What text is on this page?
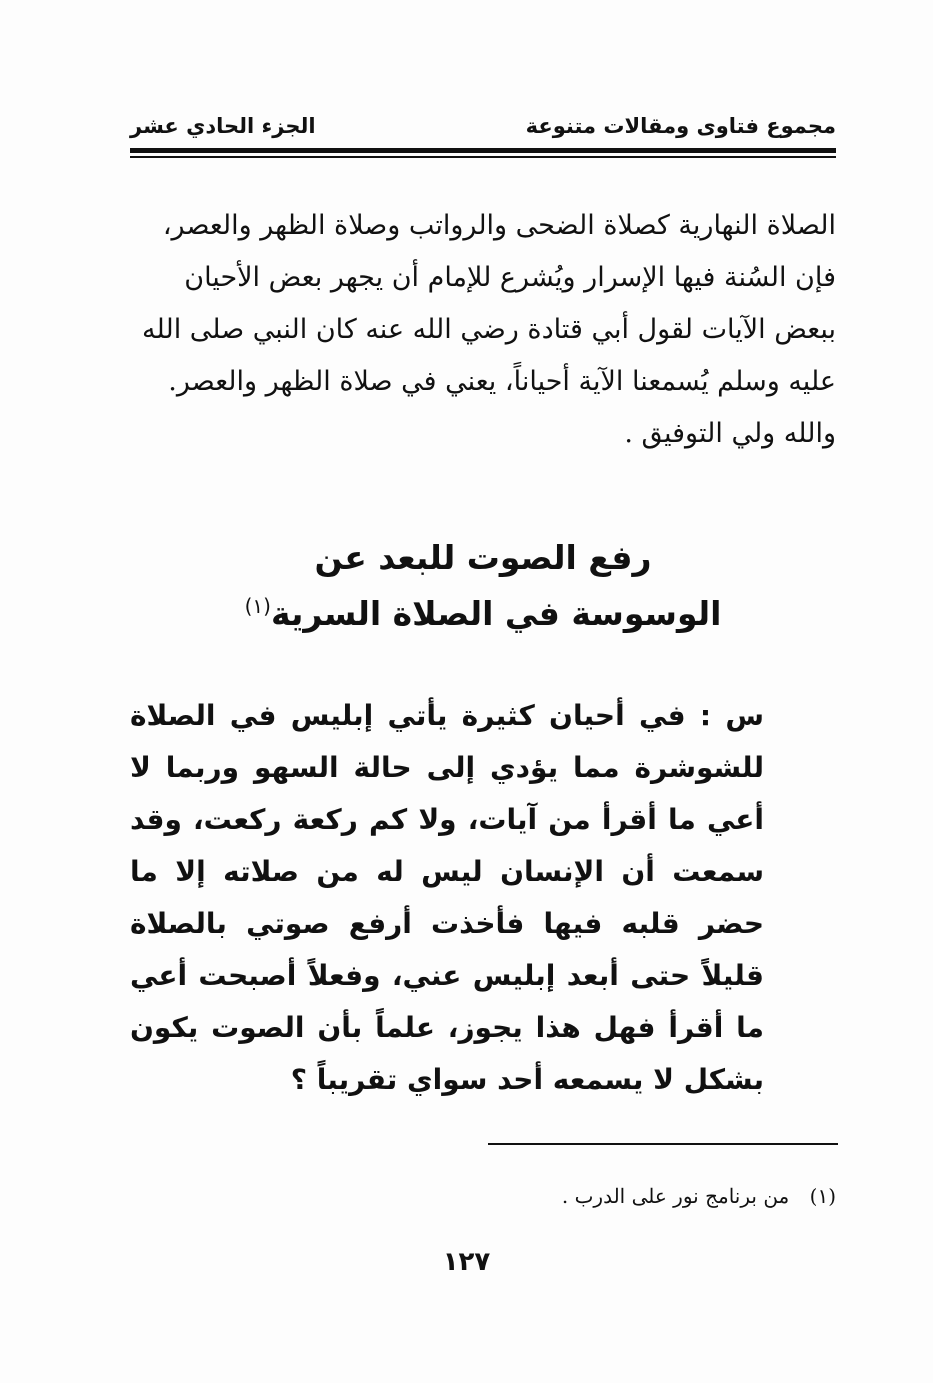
مجموع فتاوى ومقالات متنوعة
الجزء الحادي عشر

الصلاة النهارية كصلاة الضحى والرواتب وصلاة الظهر والعصر،

فإن السُنة فيها الإسرار ويُشرع للإمام أن يجهر بعض الأحيان

ببعض الآيات لقول أبي قتادة رضي الله عنه كان النبي صلى الله

عليه وسلم يُسمعنا الآية أحياناً، يعني في صلاة الظهر والعصر.

والله ولي التوفيق .

رفع الصوت للبعد عن
الوسوسة في الصلاة السرية$^{(١)}$
س : في أحيان كثيرة يأتي إبليس في الصلاة للشوشرة مما يؤدي إلى حالة السهو وربما لا أعي ما أقرأ من آيات، ولا كم ركعة ركعت، وقد سمعت أن الإنسان ليس له من صلاته إلا ما حضر قلبه فيها فأخذت أرفع صوتي بالصلاة قليلاً حتى أبعد إبليس عني، وفعلاً أصبحت أعي ما أقرأ فهل هذا يجوز، علماً بأن الصوت يكون بشكل لا يسمعه أحد سواي تقريباً ؟
(١) من برنامج نور على الدرب .
١٢٧
